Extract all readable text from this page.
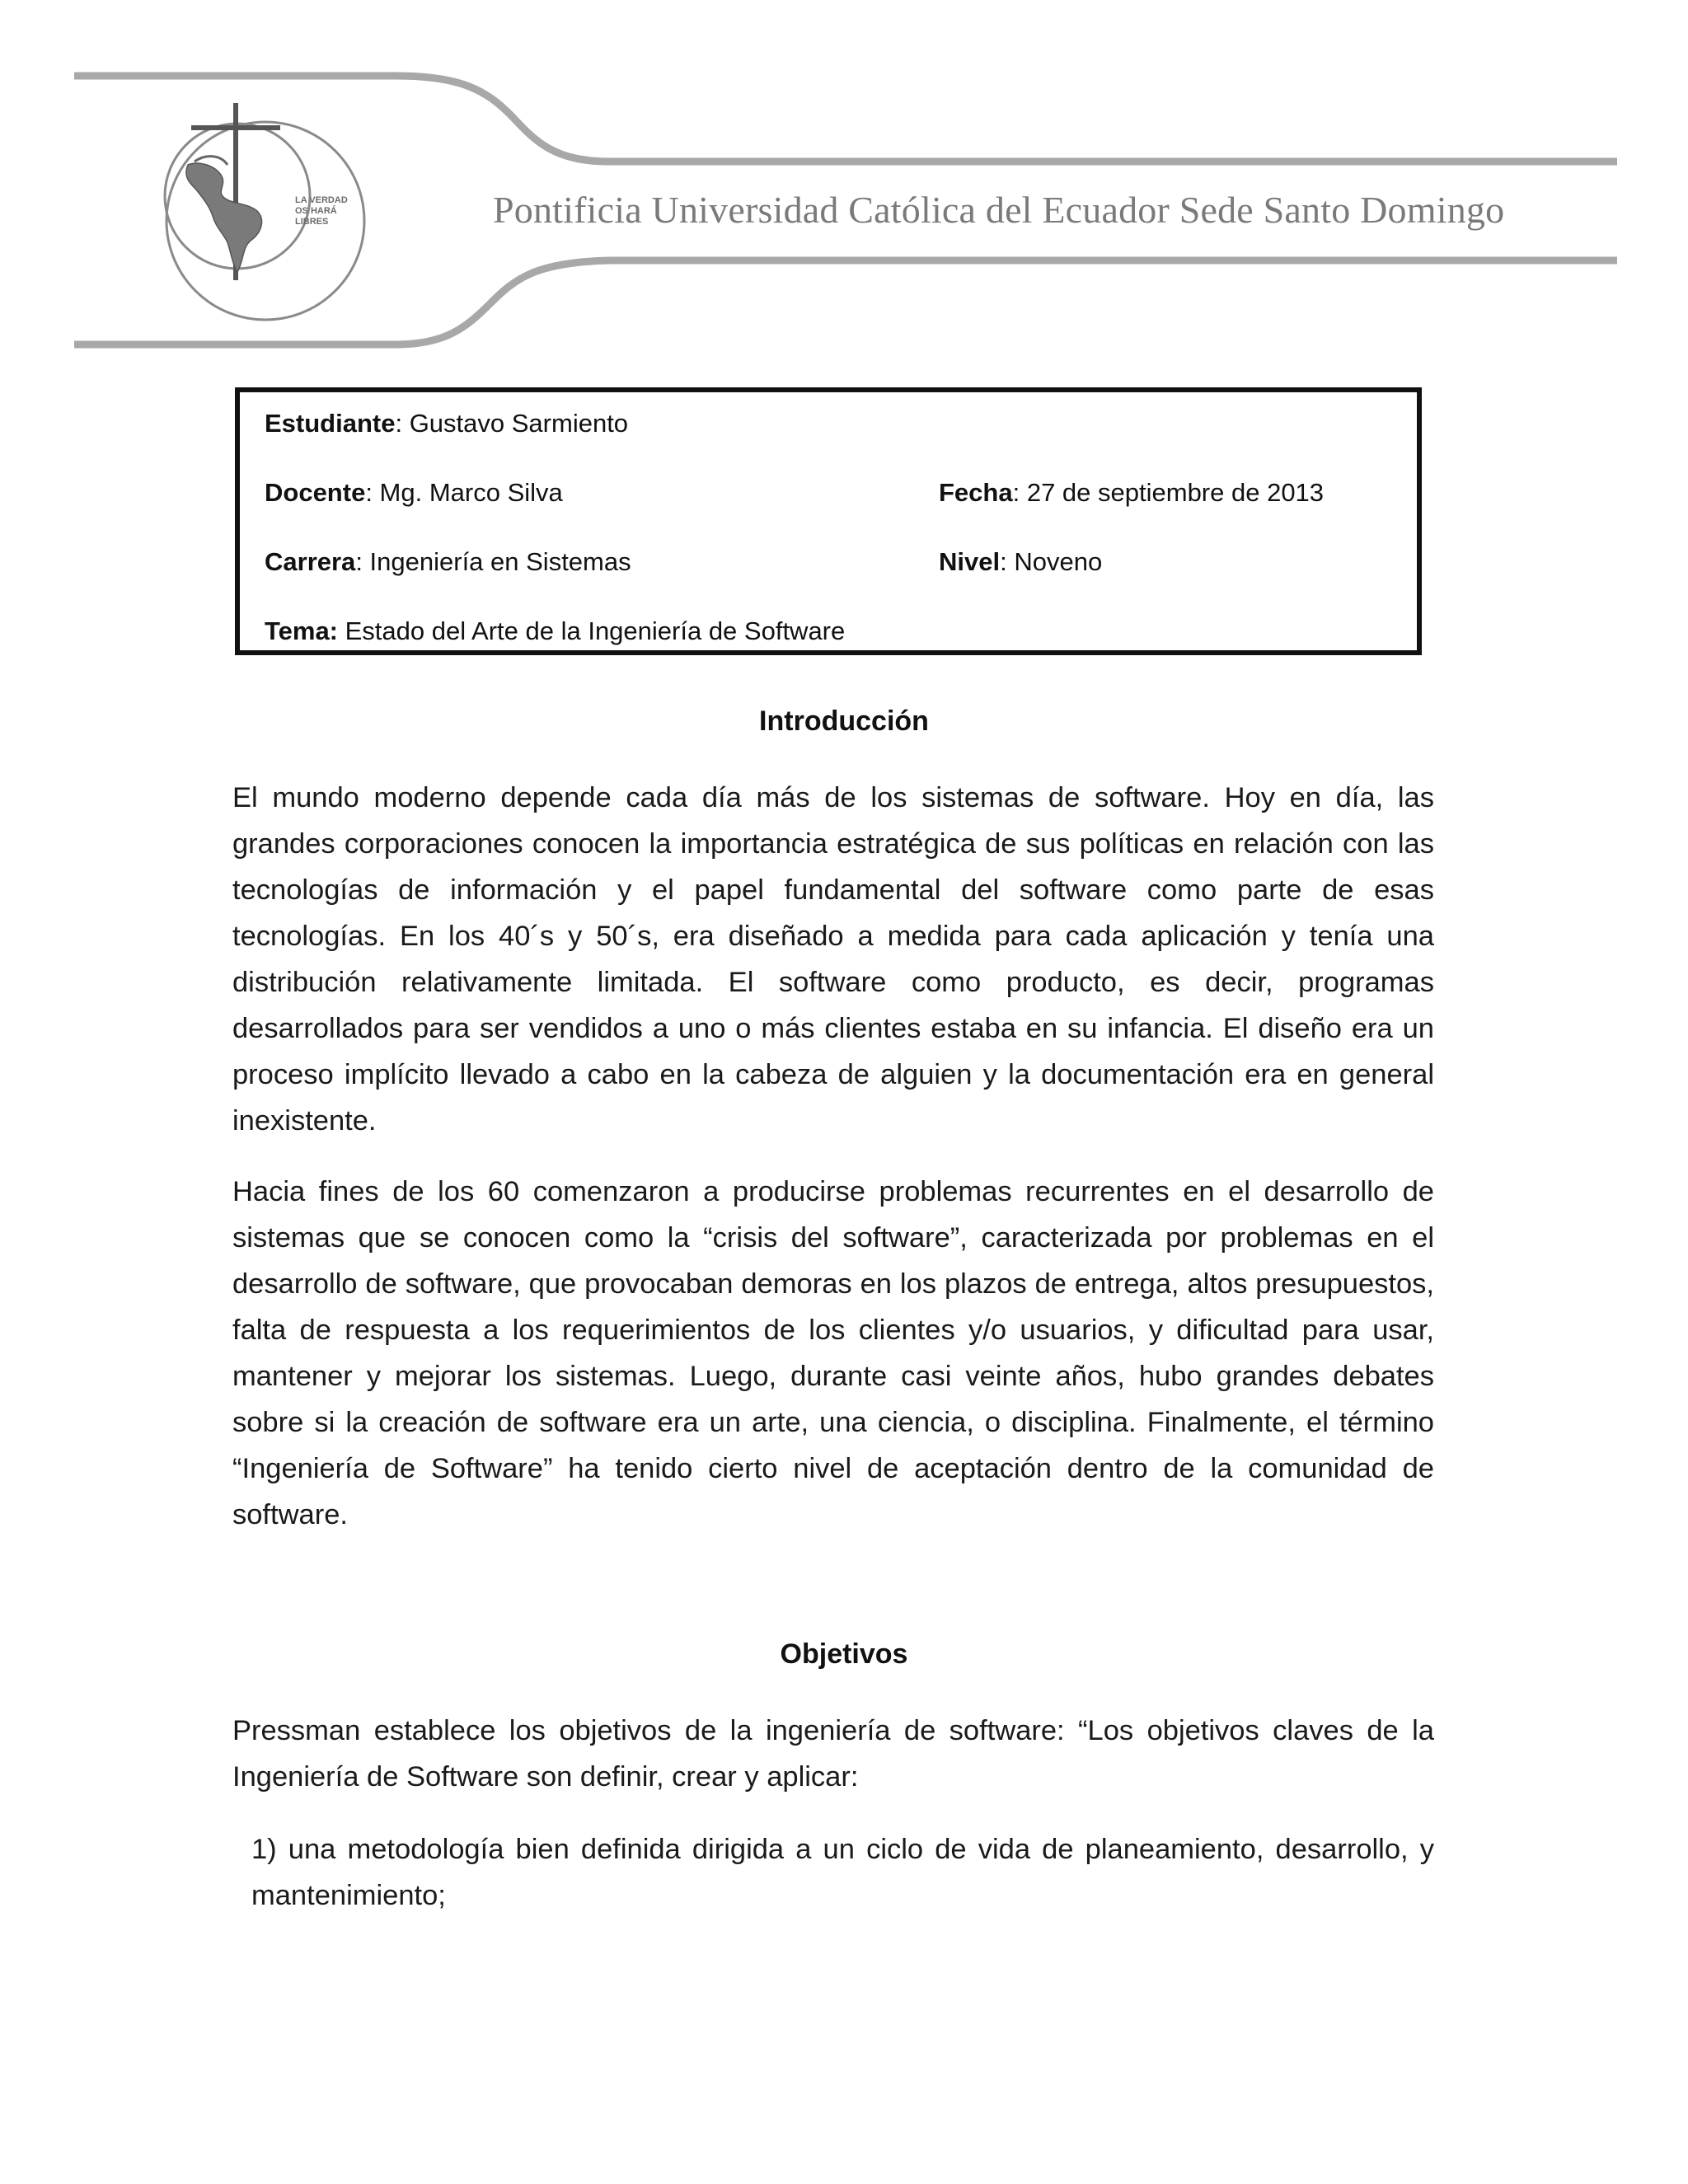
LA VERDAD
OS HARÁ
LIBRES	Pontificia Universidad Católica del Ecuador Sede Santo Domingo
Estudiante: Gustavo Sarmiento
Docente: Mg. Marco Silva	Fecha: 27 de septiembre de 2013
Carrera: Ingeniería en Sistemas	Nivel: Noveno
Tema: Estado del Arte de la Ingeniería de Software
Introducción

El mundo moderno depende cada día más de los sistemas de software. Hoy en día, las grandes corporaciones conocen la importancia estratégica de sus políticas en relación con las tecnologías de información y el papel fundamental del software como parte de esas tecnologías. En los 40´s y 50´s, era diseñado a medida para cada aplicación y tenía una distribución relativamente limitada. El software como producto, es decir, programas desarrollados para ser vendidos a uno o más clientes estaba en su infancia. El diseño era un proceso implícito llevado a cabo en la cabeza de alguien y la documentación era en general inexistente.

Hacia fines de los 60 comenzaron a producirse problemas recurrentes en el desarrollo de sistemas que se conocen como la “crisis del software”, caracterizada por problemas en el desarrollo de software, que provocaban demoras en los plazos de entrega, altos presupuestos, falta de respuesta a los requerimientos de los clientes y/o usuarios, y dificultad para usar, mantener y mejorar los sistemas. Luego, durante casi veinte años, hubo grandes debates sobre si la creación de software era un arte, una ciencia, o disciplina. Finalmente, el término “Ingeniería de Software” ha tenido cierto nivel de aceptación dentro de la comunidad de software.

Objetivos

Pressman establece los objetivos de la ingeniería de software: “Los objetivos claves de la Ingeniería de Software son definir, crear y aplicar:

1) una metodología bien definida dirigida a un ciclo de vida de planeamiento, desarrollo, y mantenimiento;
